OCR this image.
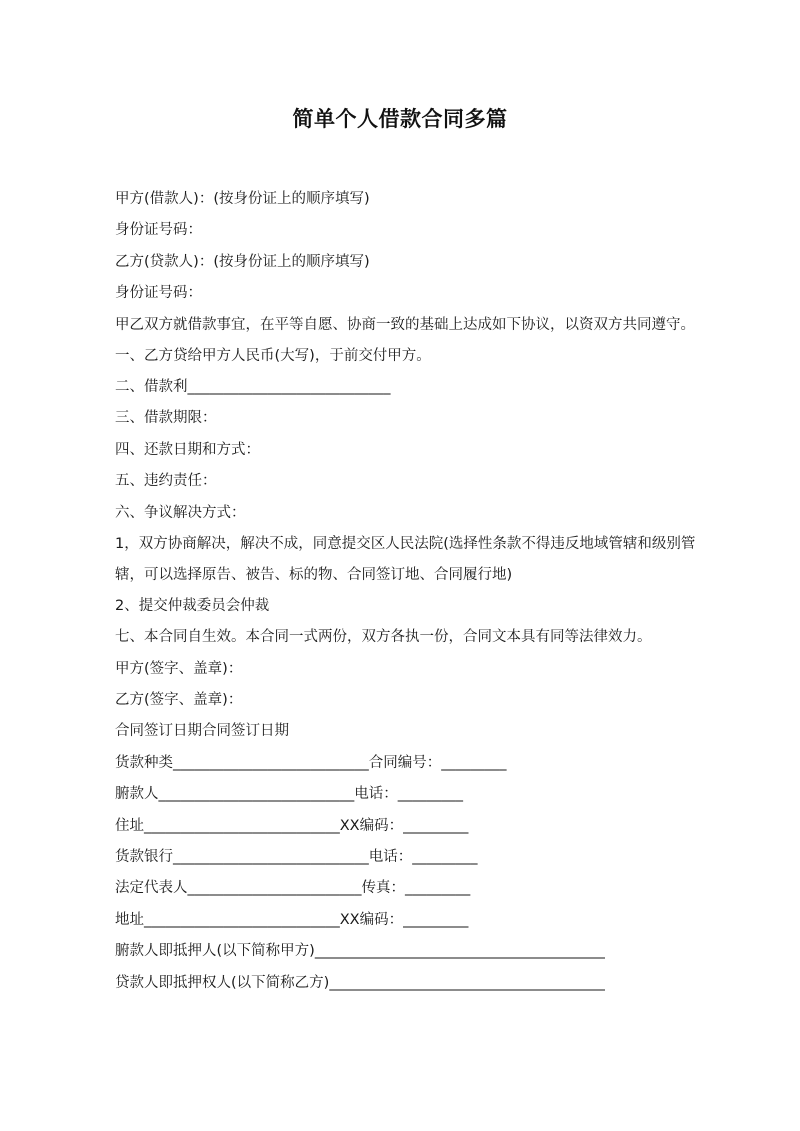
简单个人借款合同多篇
甲方(借款人)：(按身份证上的顺序填写)
身份证号码：
乙方(贷款人)：(按身份证上的顺序填写)
身份证号码：
甲乙双方就借款事宜，在平等自愿、协商一致的基础上达成如下协议，以资双方共同遵守。
一、乙方贷给甲方人民币(大写)，于前交付甲方。
二、借款利____________________________
三、借款期限：
四、还款日期和方式：
五、违约责任：
六、争议解决方式：
1，双方协商解决，解决不成，同意提交区人民法院(选择性条款不得违反地域管辖和级别管辖，可以选择原告、被告、标的物、合同签订地、合同履行地)
2、提交仲裁委员会仲裁
七、本合同自生效。本合同一式两份，双方各执一份，合同文本具有同等法律效力。
甲方(签字、盖章)：
乙方(签字、盖章)：
合同签订日期合同签订日期
货款种类___________________________合同编号：_________
腑款人___________________________电话：_________
住址___________________________XX编码：_________
货款银行___________________________电话：_________
法定代表人________________________传真：_________
地址___________________________XX编码：_________
腑款人即抵押人(以下简称甲方)________________________________________
贷款人即抵押权人(以下简称乙方)______________________________________
